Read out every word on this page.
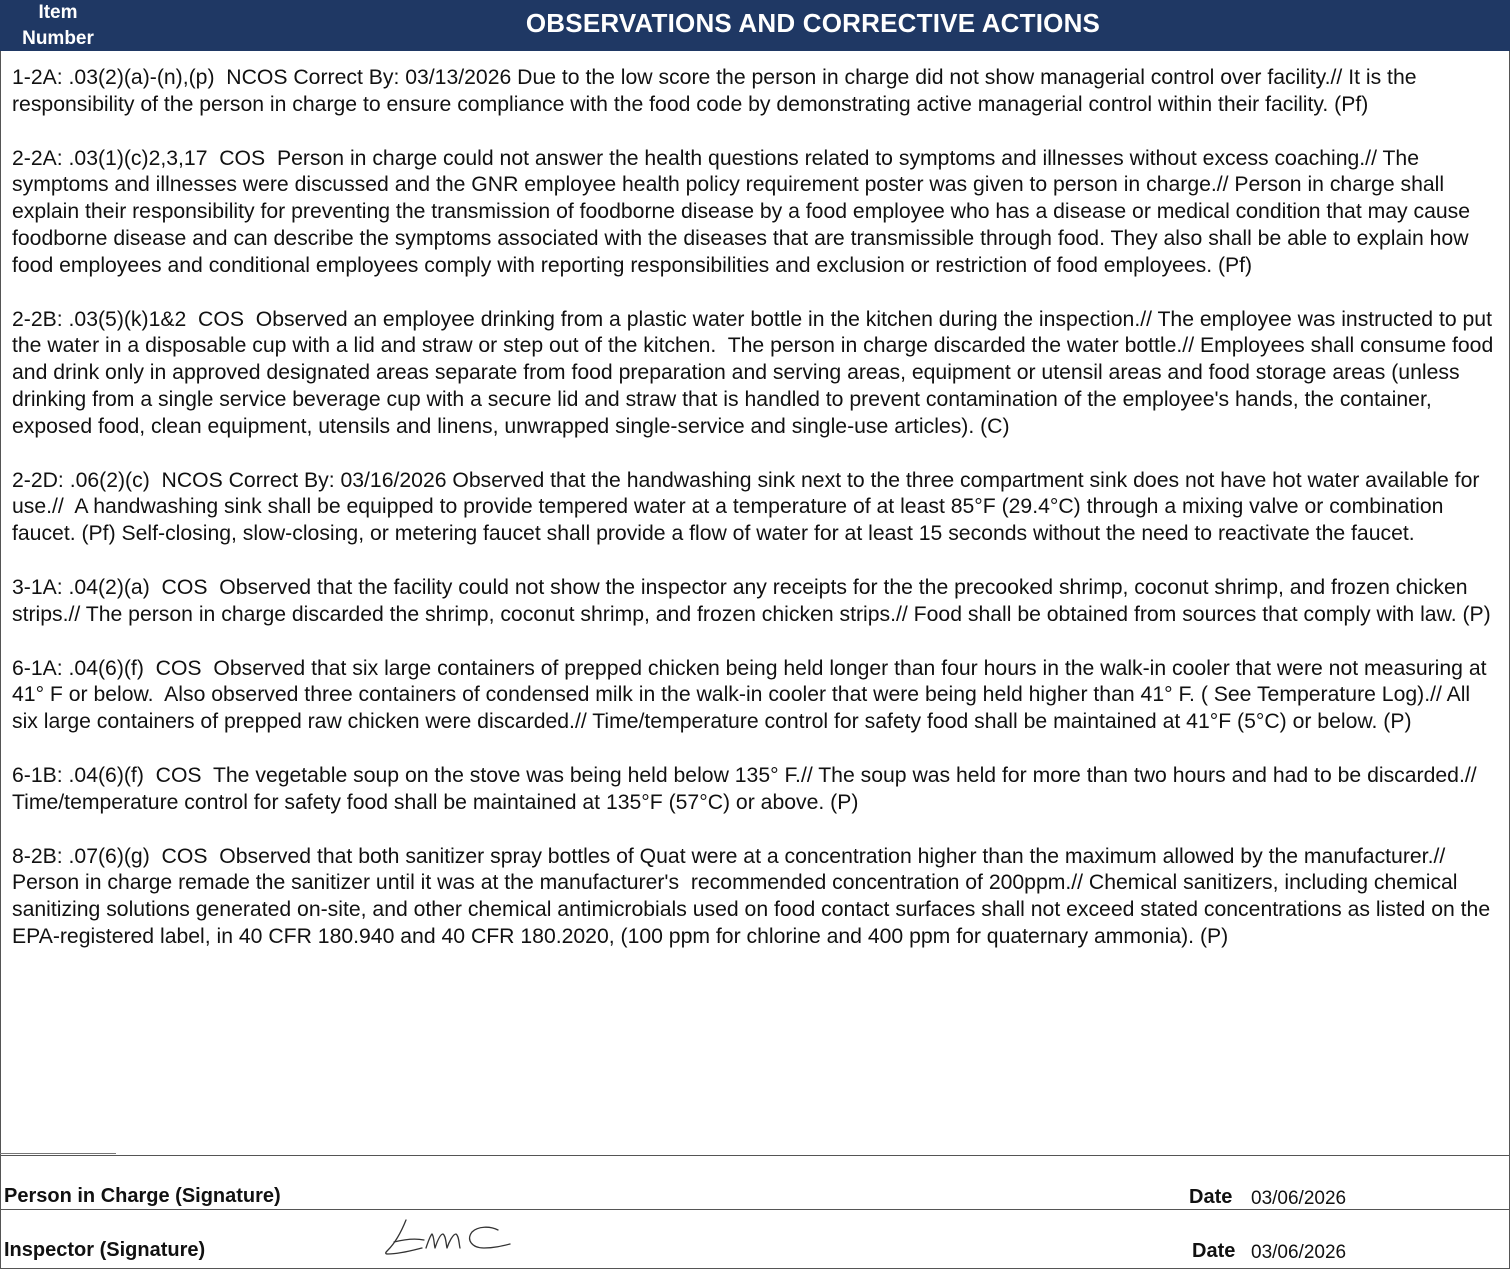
Item
Number
OBSERVATIONS AND CORRECTIVE ACTIONS

1-2A: .03(2)(a)-(n),(p)  NCOS Correct By: 03/13/2026 Due to the low score the person in charge did not show managerial control over facility.// It is the responsibility of the person in charge to ensure compliance with the food code by demonstrating active managerial control within their facility. (Pf)

2-2A: .03(1)(c)2,3,17  COS  Person in charge could not answer the health questions related to symptoms and illnesses without excess coaching.// The symptoms and illnesses were discussed and the GNR employee health policy requirement poster was given to person in charge.// Person in charge shall explain their responsibility for preventing the transmission of foodborne disease by a food employee who has a disease or medical condition that may cause foodborne disease and can describe the symptoms associated with the diseases that are transmissible through food. They also shall be able to explain how food employees and conditional employees comply with reporting responsibilities and exclusion or restriction of food employees. (Pf)

2-2B: .03(5)(k)1&2  COS  Observed an employee drinking from a plastic water bottle in the kitchen during the inspection.// The employee was instructed to put the water in a disposable cup with a lid and straw or step out of the kitchen.  The person in charge discarded the water bottle.// Employees shall consume food and drink only in approved designated areas separate from food preparation and serving areas, equipment or utensil areas and food storage areas (unless drinking from a single service beverage cup with a secure lid and straw that is handled to prevent contamination of the employee's hands, the container, exposed food, clean equipment, utensils and linens, unwrapped single-service and single-use articles). (C)

2-2D: .06(2)(c)  NCOS Correct By: 03/16/2026 Observed that the handwashing sink next to the three compartment sink does not have hot water available for use.//  A handwashing sink shall be equipped to provide tempered water at a temperature of at least 85°F (29.4°C) through a mixing valve or combination faucet. (Pf) Self-closing, slow-closing, or metering faucet shall provide a flow of water for at least 15 seconds without the need to reactivate the faucet.

3-1A: .04(2)(a)  COS  Observed that the facility could not show the inspector any receipts for the the precooked shrimp, coconut shrimp, and frozen chicken strips.// The person in charge discarded the shrimp, coconut shrimp, and frozen chicken strips.// Food shall be obtained from sources that comply with law. (P)

6-1A: .04(6)(f)  COS  Observed that six large containers of prepped chicken being held longer than four hours in the walk-in cooler that were not measuring at 41° F or below.  Also observed three containers of condensed milk in the walk-in cooler that were being held higher than 41° F. ( See Temperature Log).// All six large containers of prepped raw chicken were discarded.// Time/temperature control for safety food shall be maintained at 41°F (5°C) or below. (P)

6-1B: .04(6)(f)  COS  The vegetable soup on the stove was being held below 135° F.// The soup was held for more than two hours and had to be discarded.// Time/temperature control for safety food shall be maintained at 135°F (57°C) or above. (P)

8-2B: .07(6)(g)  COS  Observed that both sanitizer spray bottles of Quat were at a concentration higher than the maximum allowed by the manufacturer.// Person in charge remade the sanitizer until it was at the manufacturer's  recommended concentration of 200ppm.// Chemical sanitizers, including chemical sanitizing solutions generated on-site, and other chemical antimicrobials used on food contact surfaces shall not exceed stated concentrations as listed on the EPA-registered label, in 40 CFR 180.940 and 40 CFR 180.2020, (100 ppm for chlorine and 400 ppm for quaternary ammonia). (P)

Person in Charge (Signature)	Date 03/06/2026
Inspector (Signature)	Date 03/06/2026
